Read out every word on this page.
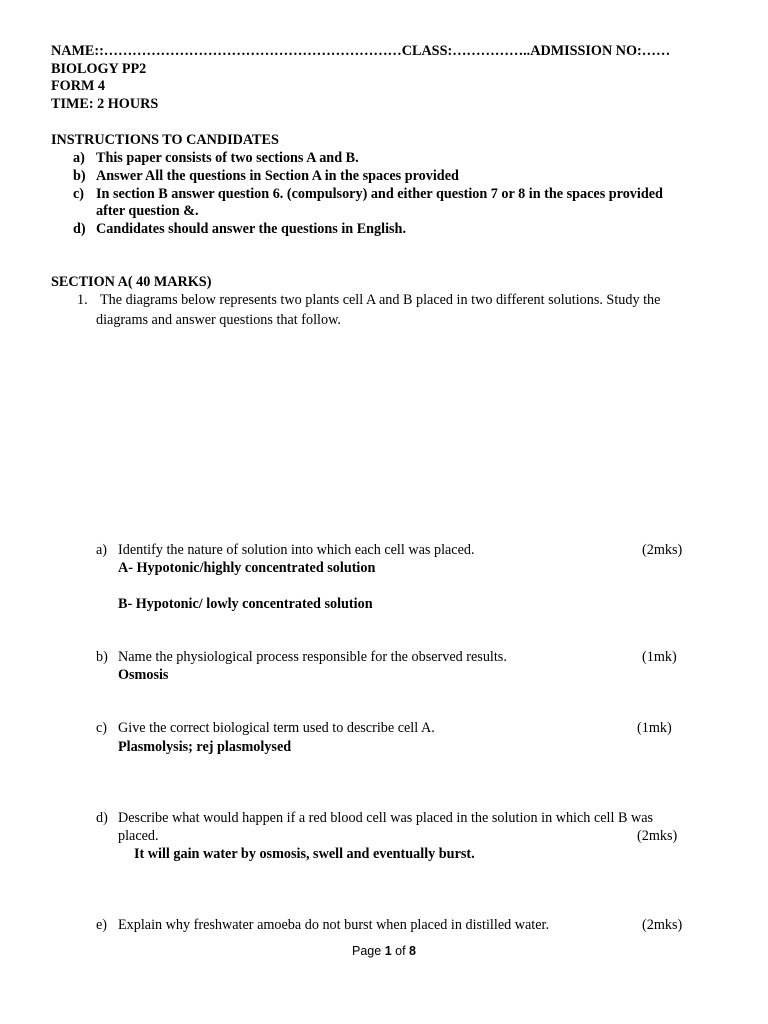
NAME::………………………………………………………CLASS:……………..ADMISSION NO:……
BIOLOGY PP2
FORM 4
TIME: 2 HOURS
INSTRUCTIONS TO CANDIDATES
a) This paper consists of two sections A and B.
b) Answer All the questions in Section A in the spaces provided
c) In section B answer question 6. (compulsory) and either question 7 or 8 in the spaces provided
after question &.
d) Candidates should answer the questions in English.
SECTION A( 40 MARKS)
1. The diagrams below represents two plants cell A and B placed in two different solutions. Study the
diagrams and answer questions that follow.
a) Identify the nature of solution into which each cell was placed.	(2mks)
A- Hypotonic/highly concentrated solution
B- Hypotonic/ lowly concentrated solution
b) Name the physiological process responsible for the observed results.	(1mk)
Osmosis
c) Give the correct biological term used to describe cell A.	(1mk)
Plasmolysis; rej plasmolysed
d) Describe what would happen if a red blood cell was placed in the solution in which cell B was
placed.	(2mks)
It will gain water by osmosis, swell and eventually burst.
e) Explain why freshwater amoeba do not burst when placed in distilled water.	(2mks)
Page 1 of 8
